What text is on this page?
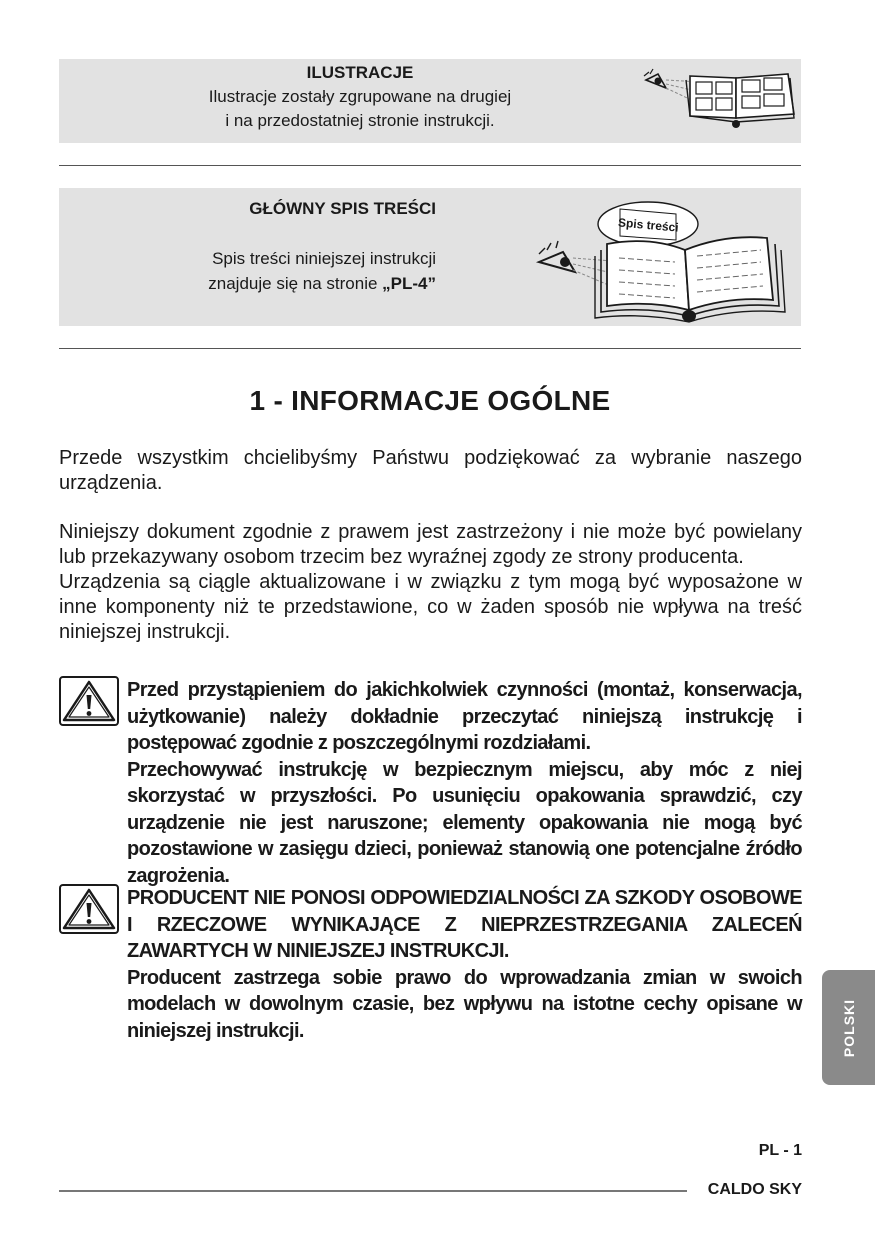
ILUSTRACJE
Ilustracje zostały zgrupowane na drugiej
i na przedostatniej stronie instrukcji.
GŁÓWNY SPIS TREŚCI
Spis treści niniejszej instrukcji
znajduje się na stronie „PL-4”
Spis treści
1 - INFORMACJE OGÓLNE

Przede wszystkim chcielibyśmy Państwu podziękować za wybranie naszego urządzenia.

Niniejszy dokument zgodnie z prawem jest zastrzeżony i nie może być powielany lub przekazywany osobom trzecim bez wyraźnej zgody ze strony producenta.
Urządzenia są ciągle aktualizowane i w związku z tym mogą być wyposażone w inne komponenty niż te przedstawione, co w żaden sposób nie wpływa na treść niniejszej instrukcji.
Przed przystąpieniem do jakichkolwiek czynności (montaż, konserwacja, użytkowanie) należy dokładnie przeczytać niniejszą instrukcję i postępować zgodnie z poszczególnymi rozdziałami.
Przechowywać instrukcję w bezpiecznym miejscu, aby móc z niej skorzystać w przyszłości. Po usunięciu opakowania sprawdzić, czy urządzenie nie jest naruszone; elementy opakowania nie mogą być pozostawione w zasięgu dzieci, ponieważ stanowią one potencjalne źródło zagrożenia.
PRODUCENT NIE PONOSI ODPOWIEDZIALNOŚCI ZA SZKODY OSOBOWE I RZECZOWE WYNIKAJĄCE Z NIEPRZESTRZEGANIA ZALECEŃ ZAWARTYCH W NINIEJSZEJ INSTRUKCJI.
Producent zastrzega sobie prawo do wprowadzania zmian w swoich modelach w dowolnym czasie, bez wpływu na istotne cechy opisane w niniejszej instrukcji.	POLSKI
PL - 1
CALDO SKY
